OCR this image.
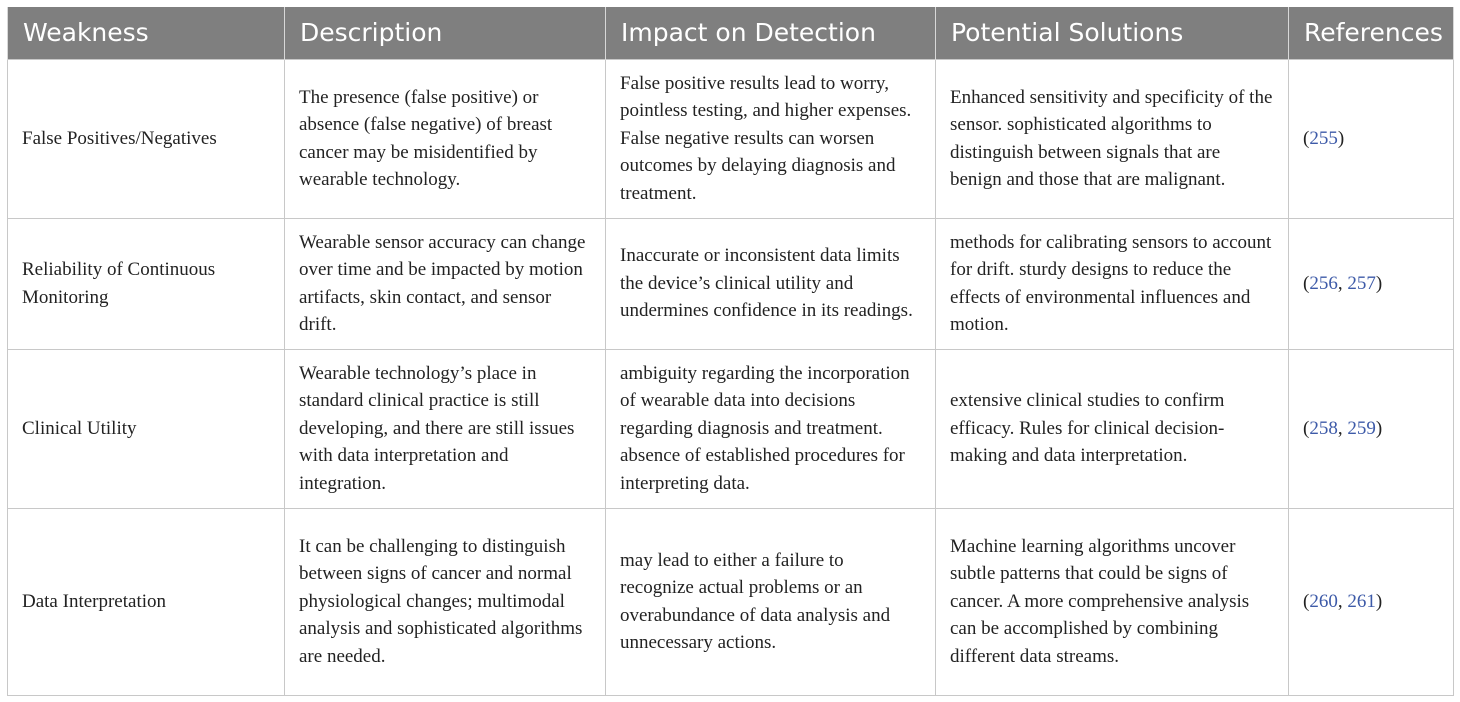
Weakness	Description	Impact on Detection	Potential Solutions	References
False Positives/Negatives	The presence (false positive) or absence (false negative) of breast cancer may be misidentified by wearable technology.	False positive results lead to worry, pointless testing, and higher expenses. False negative results can worsen outcomes by delaying diagnosis and treatment.	Enhanced sensitivity and specificity of the sensor. sophisticated algorithms to distinguish between signals that are benign and those that are malignant.	(255)
Reliability of Continuous Monitoring	Wearable sensor accuracy can change over time and be impacted by motion artifacts, skin contact, and sensor drift.	Inaccurate or inconsistent data limits the device’s clinical utility and undermines confidence in its readings.	methods for calibrating sensors to account for drift. sturdy designs to reduce the effects of environmental influences and motion.	(256, 257)
Clinical Utility	Wearable technology’s place in standard clinical practice is still developing, and there are still issues with data interpretation and integration.	ambiguity regarding the incorporation of wearable data into decisions regarding diagnosis and treatment. absence of established procedures for interpreting data.	extensive clinical studies to confirm efficacy. Rules for clinical decision-making and data interpretation.	(258, 259)
Data Interpretation	It can be challenging to distinguish between signs of cancer and normal physiological changes; multimodal analysis and sophisticated algorithms are needed.	may lead to either a failure to recognize actual problems or an overabundance of data analysis and unnecessary actions.	Machine learning algorithms uncover subtle patterns that could be signs of cancer. A more comprehensive analysis can be accomplished by combining different data streams.	(260, 261)
